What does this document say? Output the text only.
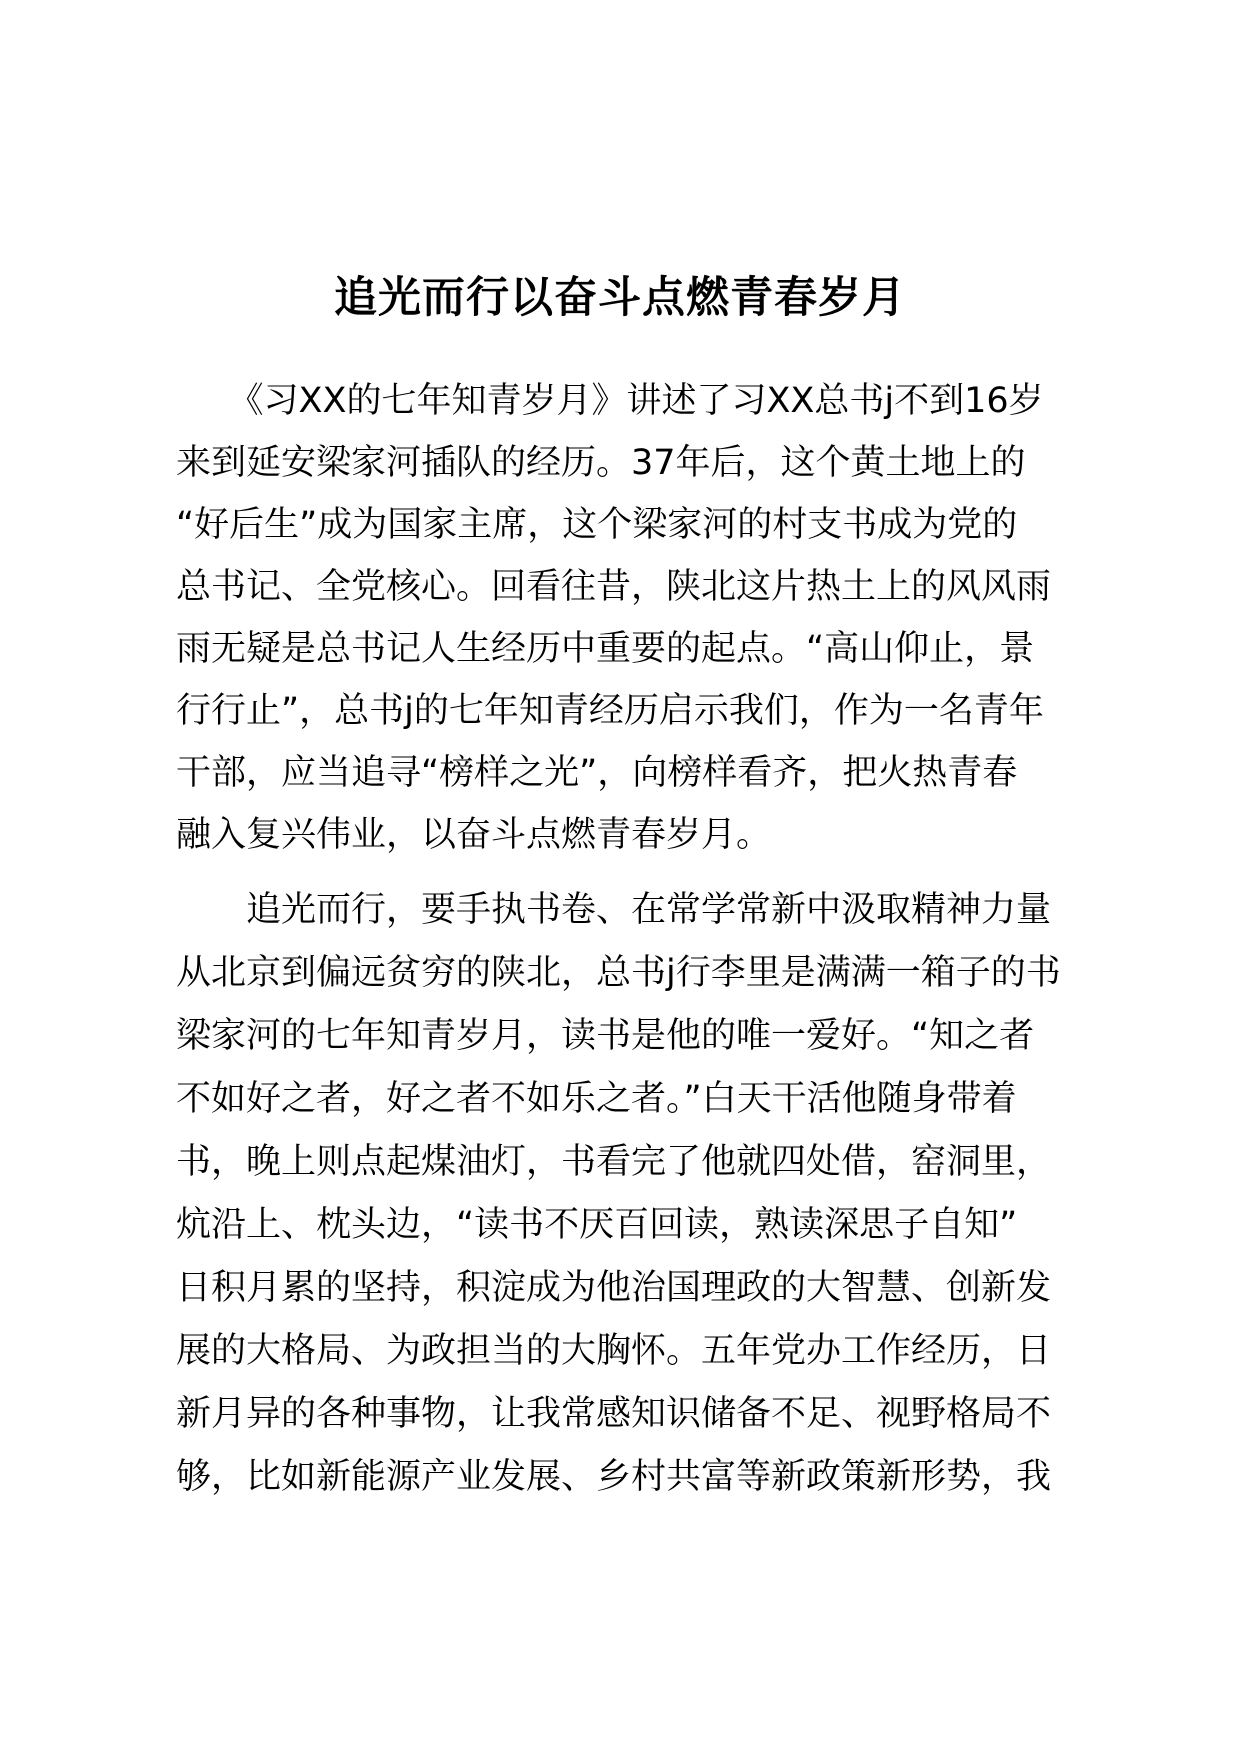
追光而行以奋斗点燃青春岁月
　　《习XX的七年知青岁月》讲述了习XX总书j不到16岁
来到延安梁家河插队的经历。37年后，这个黄土地上的
“好后生”成为国家主席，这个梁家河的村支书成为党的
总书记、全党核心。回看往昔，陕北这片热土上的风风雨
雨无疑是总书记人生经历中重要的起点。“高山仰止，景
行行止”，总书j的七年知青经历启示我们，作为一名青年
干部，应当追寻“榜样之光”，向榜样看齐，把火热青春
融入复兴伟业，以奋斗点燃青春岁月。
　　追光而行，要手执书卷、在常学常新中汲取精神力量
从北京到偏远贫穷的陕北，总书j行李里是满满一箱子的书
梁家河的七年知青岁月，读书是他的唯一爱好。“知之者
不如好之者，好之者不如乐之者。”白天干活他随身带着
书，晚上则点起煤油灯，书看完了他就四处借，窑洞里，
炕沿上、枕头边，“读书不厌百回读，熟读深思子自知”
日积月累的坚持，积淀成为他治国理政的大智慧、创新发
展的大格局、为政担当的大胸怀。五年党办工作经历，日
新月异的各种事物，让我常感知识储备不足、视野格局不
够，比如新能源产业发展、乡村共富等新政策新形势，我
